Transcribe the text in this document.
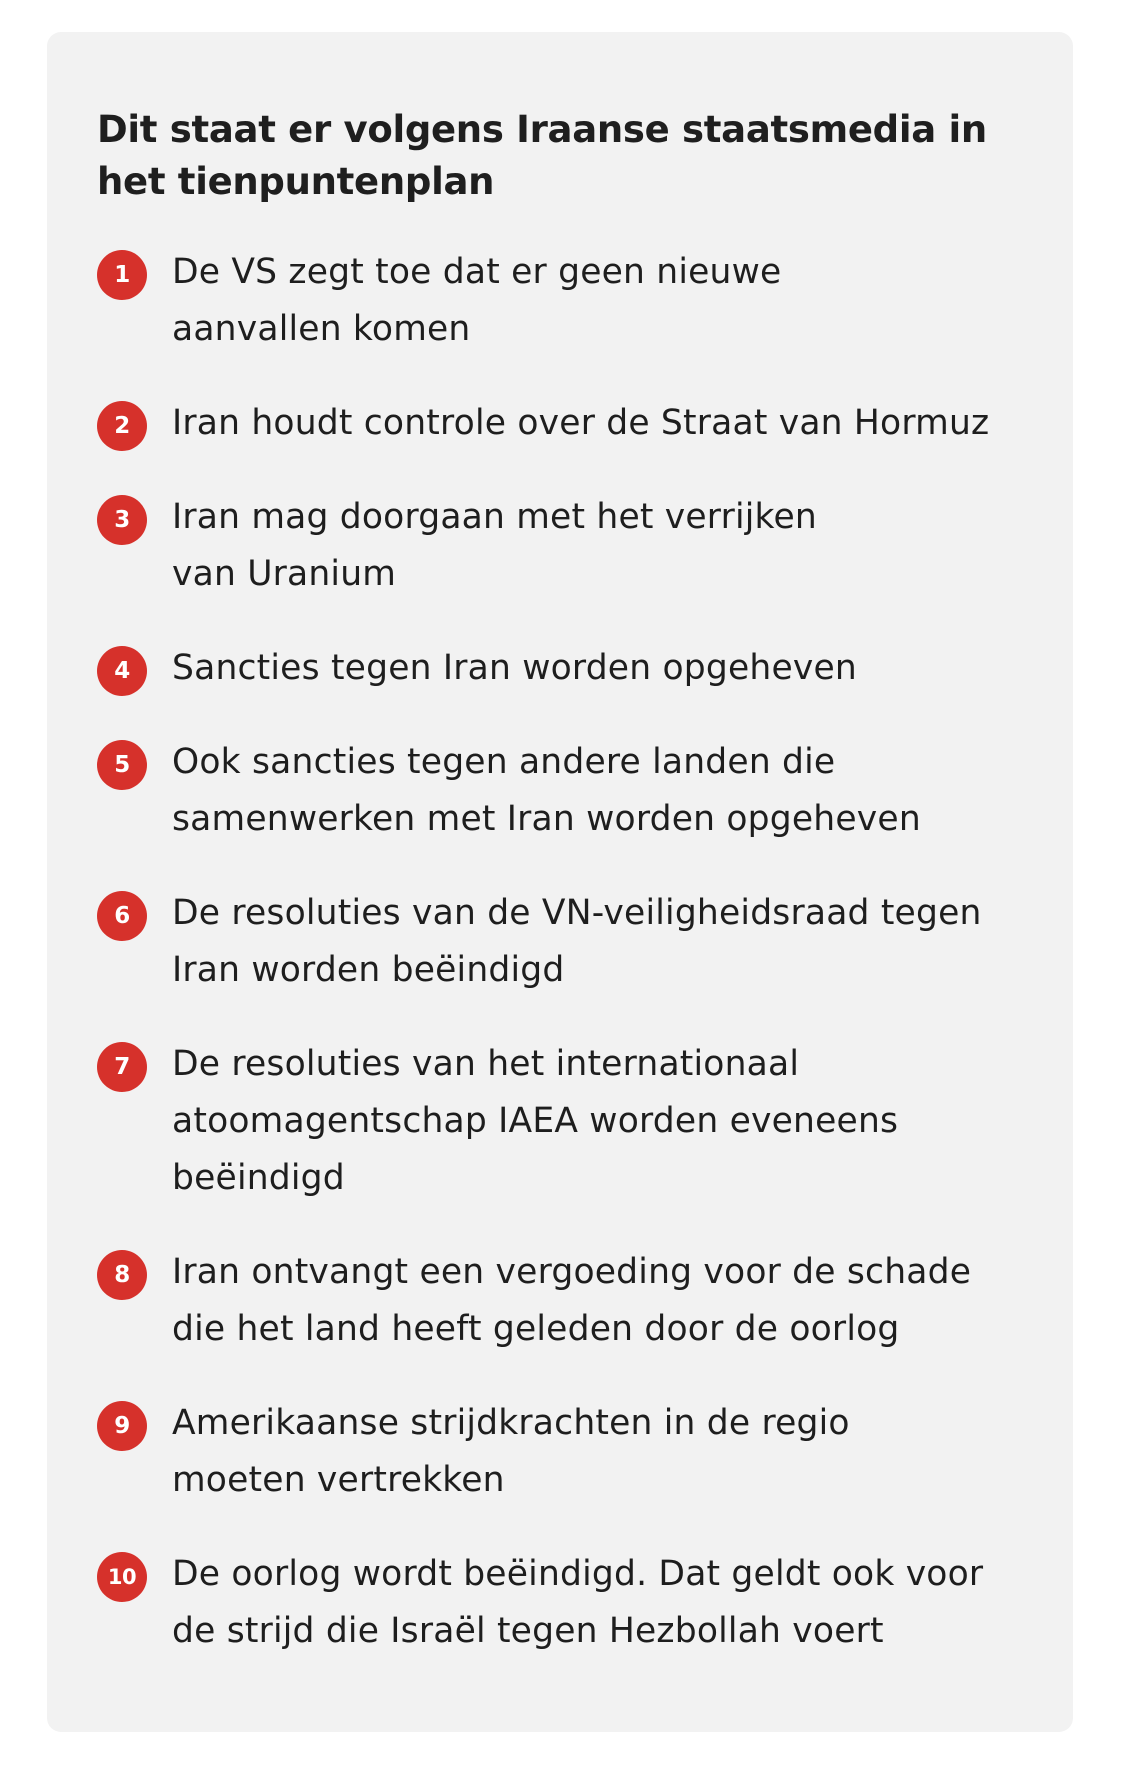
Dit staat er volgens Iraanse staatsmedia in het tienpuntenplan
1	De VS zegt toe dat er geen nieuwe
aanvallen komen
2	Iran houdt controle over de Straat van Hormuz
3	Iran mag doorgaan met het verrijken
van Uranium
4	Sancties tegen Iran worden opgeheven
5	Ook sancties tegen andere landen die
samenwerken met Iran worden opgeheven
6	De resoluties van de VN-veiligheidsraad tegen
Iran worden beëindigd
7	De resoluties van het internationaal
atoomagentschap IAEA worden eveneens
beëindigd
8	Iran ontvangt een vergoeding voor de schade
die het land heeft geleden door de oorlog
9	Amerikaanse strijdkrachten in de regio
moeten vertrekken
10	De oorlog wordt beëindigd. Dat geldt ook voor
de strijd die Israël tegen Hezbollah voert
